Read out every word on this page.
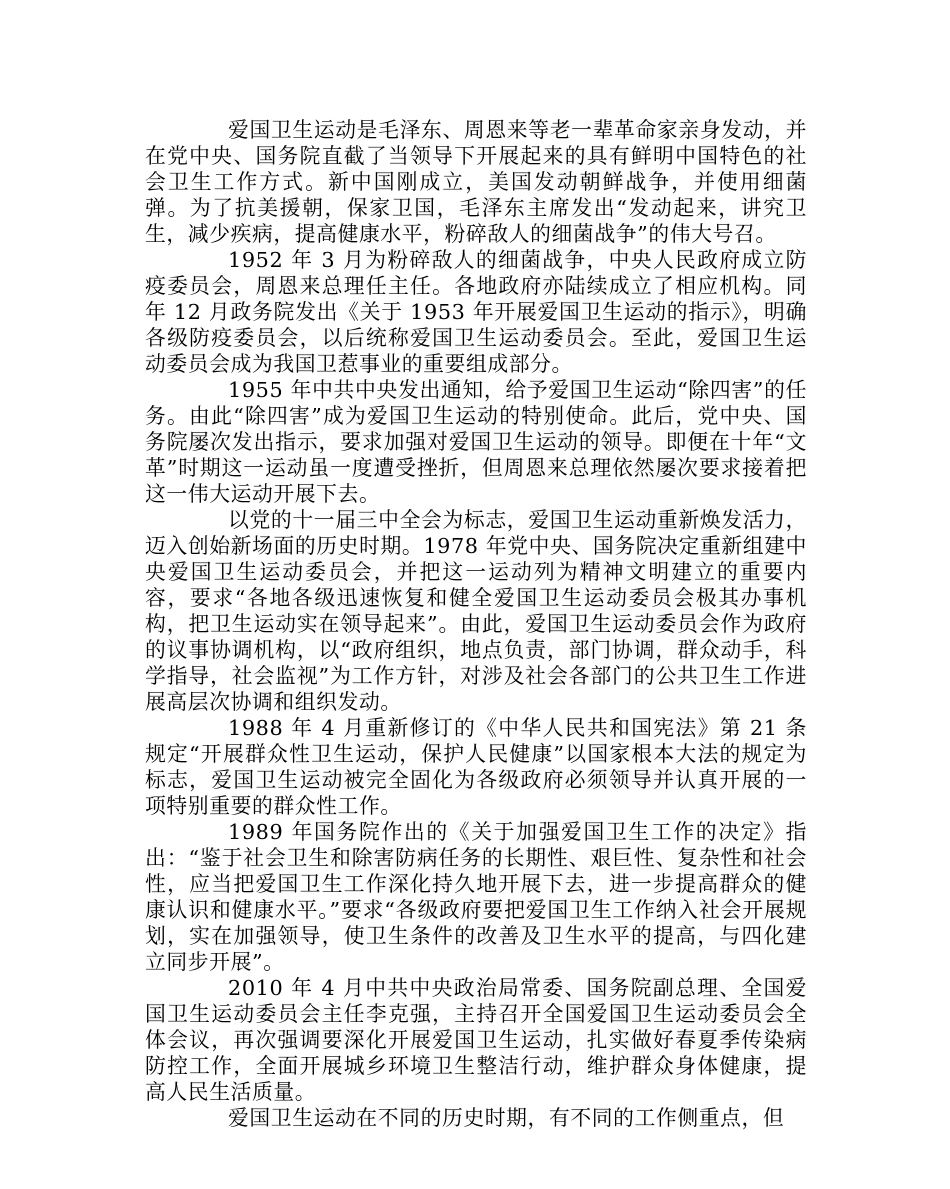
爱国卫生运动是毛泽东、周恩来等老一辈革命家亲身发动，并在党中央、国务院直截了当领导下开展起来的具有鲜明中国特色的社会卫生工作方式。新中国刚成立，美国发动朝鲜战争，并使用细菌弹。为了抗美援朝，保家卫国，毛泽东主席发出“发动起来，讲究卫生，减少疾病，提高健康水平，粉碎敌人的细菌战争”的伟大号召。

1952 年 3 月为粉碎敌人的细菌战争，中央人民政府成立防疫委员会，周恩来总理任主任。各地政府亦陆续成立了相应机构。同年 12 月政务院发出《关于 1953 年开展爱国卫生运动的指示》，明确各级防疫委员会，以后统称爱国卫生运动委员会。至此，爱国卫生运动委员会成为我国卫惹事业的重要组成部分。

1955 年中共中央发出通知，给予爱国卫生运动“除四害”的任务。由此“除四害”成为爱国卫生运动的特别使命。此后，党中央、国务院屡次发出指示，要求加强对爱国卫生运动的领导。即便在十年“文革”时期这一运动虽一度遭受挫折，但周恩来总理依然屡次要求接着把这一伟大运动开展下去。

以党的十一届三中全会为标志，爱国卫生运动重新焕发活力，迈入创始新场面的历史时期。1978 年党中央、国务院决定重新组建中央爱国卫生运动委员会，并把这一运动列为精神文明建立的重要内容，要求“各地各级迅速恢复和健全爱国卫生运动委员会极其办事机构，把卫生运动实在领导起来”。由此，爱国卫生运动委员会作为政府的议事协调机构，以“政府组织，地点负责，部门协调，群众动手，科学指导，社会监视”为工作方针，对涉及社会各部门的公共卫生工作进展高层次协调和组织发动。

1988 年 4 月重新修订的《中华人民共和国宪法》第 21 条规定“开展群众性卫生运动，保护人民健康”以国家根本大法的规定为标志，爱国卫生运动被完全固化为各级政府必须领导并认真开展的一项特别重要的群众性工作。

1989 年国务院作出的《关于加强爱国卫生工作的决定》指出：“鉴于社会卫生和除害防病任务的长期性、艰巨性、复杂性和社会性，应当把爱国卫生工作深化持久地开展下去，进一步提高群众的健康认识和健康水平。”要求“各级政府要把爱国卫生工作纳入社会开展规划，实在加强领导，使卫生条件的改善及卫生水平的提高，与四化建立同步开展”。

2010 年 4 月中共中央政治局常委、国务院副总理、全国爱国卫生运动委员会主任李克强，主持召开全国爱国卫生运动委员会全体会议，再次强调要深化开展爱国卫生运动，扎实做好春夏季传染病防控工作，全面开展城乡环境卫生整洁行动，维护群众身体健康，提高人民生活质量。

爱国卫生运动在不同的历史时期，有不同的工作侧重点，但
